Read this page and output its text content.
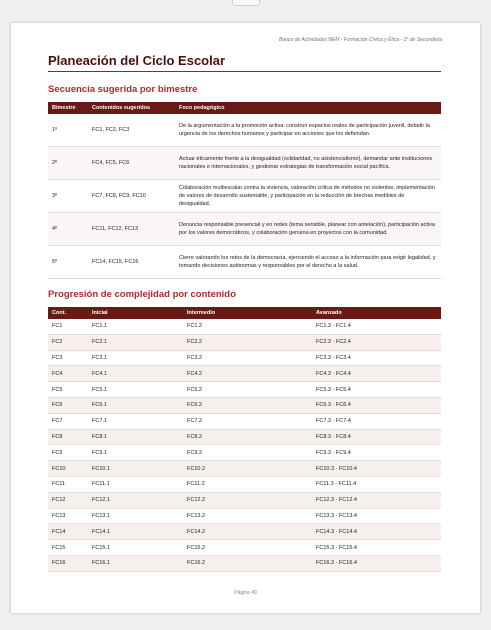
Banco de Actividades NEM - Formación Cívica y Ética - 3° de Secundaria
Planeación del Ciclo Escolar
Secuencia sugerida por bimestre
Bimestre	Contenidos sugeridos	Foco pedagógico
1º	FC1, FC2, FC3	De la argumentación a la promoción activa: construir espacios reales de participación juvenil, debatir la urgencia de los derechos humanos y participar en acciones que los defiendan.
2º	FC4, FC5, FC6	Actuar éticamente frente a la desigualdad (solidaridad, no asistencialismo), demandar ante instituciones nacionales e internacionales, y gestionar estrategias de transformación social pacífica.
3º	FC7, FC8, FC9, FC10	Colaboración multiescalar contra la violencia, valoración crítica de métodos no violentos, implementación de valores de desarrollo sustentable, y participación en la reducción de brechas medibles de desigualdad.
4º	FC11, FC12, FC13	Denuncia responsable presencial y en redes (tema sensible, planear con antelación), participación activa por los valores democráticos, y colaboración genuina en proyectos con la comunidad.
5º	FC14, FC15, FC16	Cierre valorando los retos de la democracia, ejerciendo el acceso a la información para exigir legalidad, y tomando decisiones autónomas y responsables por el derecho a la salud.
Progresión de complejidad por contenido
Cont.	Inicial	Intermedio	Avanzado
FC1	FC1.1	FC1.2	FC1.3 · FC1.4
FC2	FC2.1	FC2.2	FC2.3 · FC2.4
FC3	FC3.1	FC3.2	FC3.3 · FC3.4
FC4	FC4.1	FC4.2	FC4.3 · FC4.4
FC5	FC5.1	FC5.2	FC5.3 · FC5.4
FC6	FC6.1	FC6.2	FC6.3 · FC6.4
FC7	FC7.1	FC7.2	FC7.3 · FC7.4
FC8	FC8.1	FC8.2	FC8.3 · FC8.4
FC9	FC9.1	FC9.2	FC9.3 · FC9.4
FC10	FC10.1	FC10.2	FC10.3 · FC10.4
FC11	FC11.1	FC11.2	FC11.3 · FC11.4
FC12	FC12.1	FC12.2	FC12.3 · FC12.4
FC13	FC13.1	FC13.2	FC13.3 · FC13.4
FC14	FC14.1	FC14.2	FC14.3 · FC14.4
FC15	FC15.1	FC15.2	FC15.3 · FC15.4
FC16	FC16.1	FC16.2	FC16.3 · FC16.4
Página 49
